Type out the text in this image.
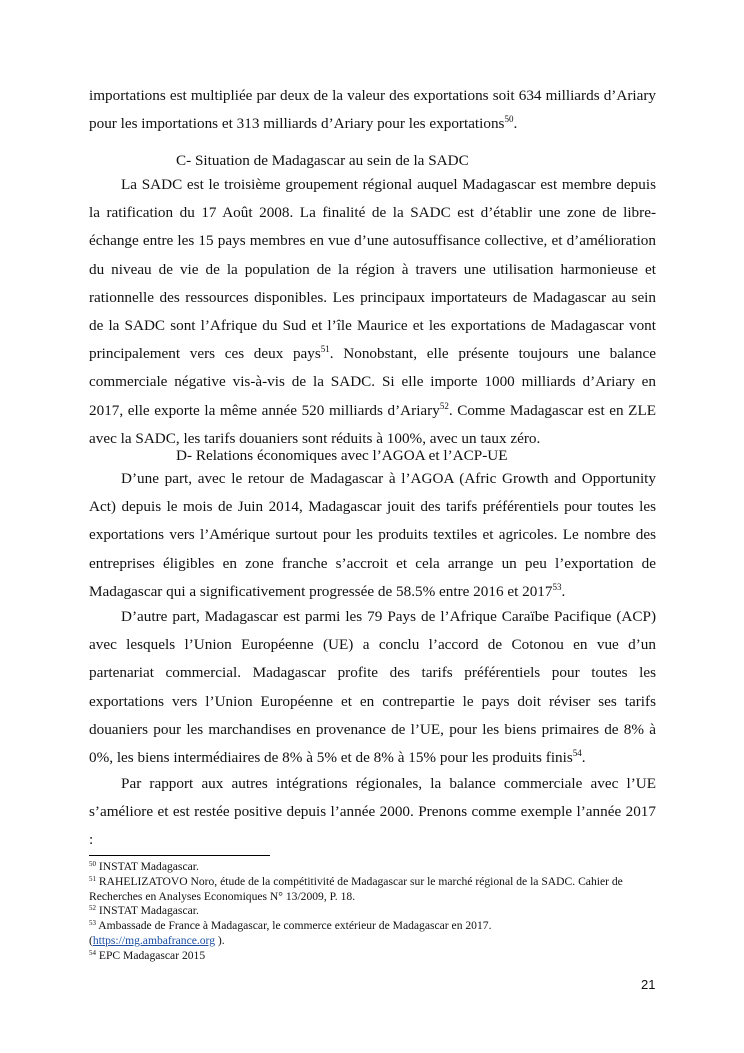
importations est multipliée par deux de la valeur des exportations soit 634 milliards d’Ariary pour les importations et 313 milliards d’Ariary pour les exportations$^{50}$.

C- Situation de Madagascar au sein de la SADC

La SADC est le troisième groupement régional auquel Madagascar est membre depuis la ratification du 17 Août 2008. La finalité de la SADC est d’établir une zone de libre-échange entre les 15 pays membres en vue d’une autosuffisance collective, et d’amélioration du niveau de vie de la population de la région à travers une utilisation harmonieuse et rationnelle des ressources disponibles. Les principaux importateurs de Madagascar au sein de la SADC sont l’Afrique du Sud et l’île Maurice et les exportations de Madagascar vont principalement vers ces deux pays$^{51}$. Nonobstant, elle présente toujours une balance commerciale négative vis-à-vis de la SADC. Si elle importe 1000 milliards d’Ariary en 2017, elle exporte la même année 520 milliards d’Ariary$^{52}$. Comme Madagascar est en ZLE avec la SADC, les tarifs douaniers sont réduits à 100%, avec un taux zéro.

D- Relations économiques avec l’AGOA et l’ACP-UE

D’une part, avec le retour de Madagascar à l’AGOA (Afric Growth and Opportunity Act) depuis le mois de Juin 2014, Madagascar jouit des tarifs préférentiels pour toutes les exportations vers l’Amérique surtout pour les produits textiles et agricoles. Le nombre des entreprises éligibles en zone franche s’accroit et cela arrange un peu l’exportation de Madagascar qui a significativement progressée de 58.5% entre 2016 et 2017$^{53}$.

D’autre part, Madagascar est parmi les 79 Pays de l’Afrique Caraïbe Pacifique (ACP) avec lesquels l’Union Européenne (UE) a conclu l’accord de Cotonou en vue d’un partenariat commercial. Madagascar profite des tarifs préférentiels pour toutes les exportations vers l’Union Européenne et en contrepartie le pays doit réviser ses tarifs douaniers pour les marchandises en provenance de l’UE, pour les biens primaires de 8% à 0%, les biens intermédiaires de 8% à 5% et de 8% à 15% pour les produits finis$^{54}$.

Par rapport aux autres intégrations régionales, la balance commerciale avec l’UE s’améliore et est restée positive depuis l’année 2000. Prenons comme exemple l’année 2017 :

$^{50}$ INSTAT Madagascar.

$^{51}$ RAHELIZATOVO Noro, étude de la compétitivité de Madagascar sur le marché régional de la SADC. Cahier de Recherches en Analyses Economiques N° 13/2009, P. 18.

$^{52}$ INSTAT Madagascar.

$^{53}$ Ambassade de France à Madagascar, le commerce extérieur de Madagascar en 2017.
(https://mg.ambafrance.org ).

$^{54}$ EPC Madagascar 2015

21
